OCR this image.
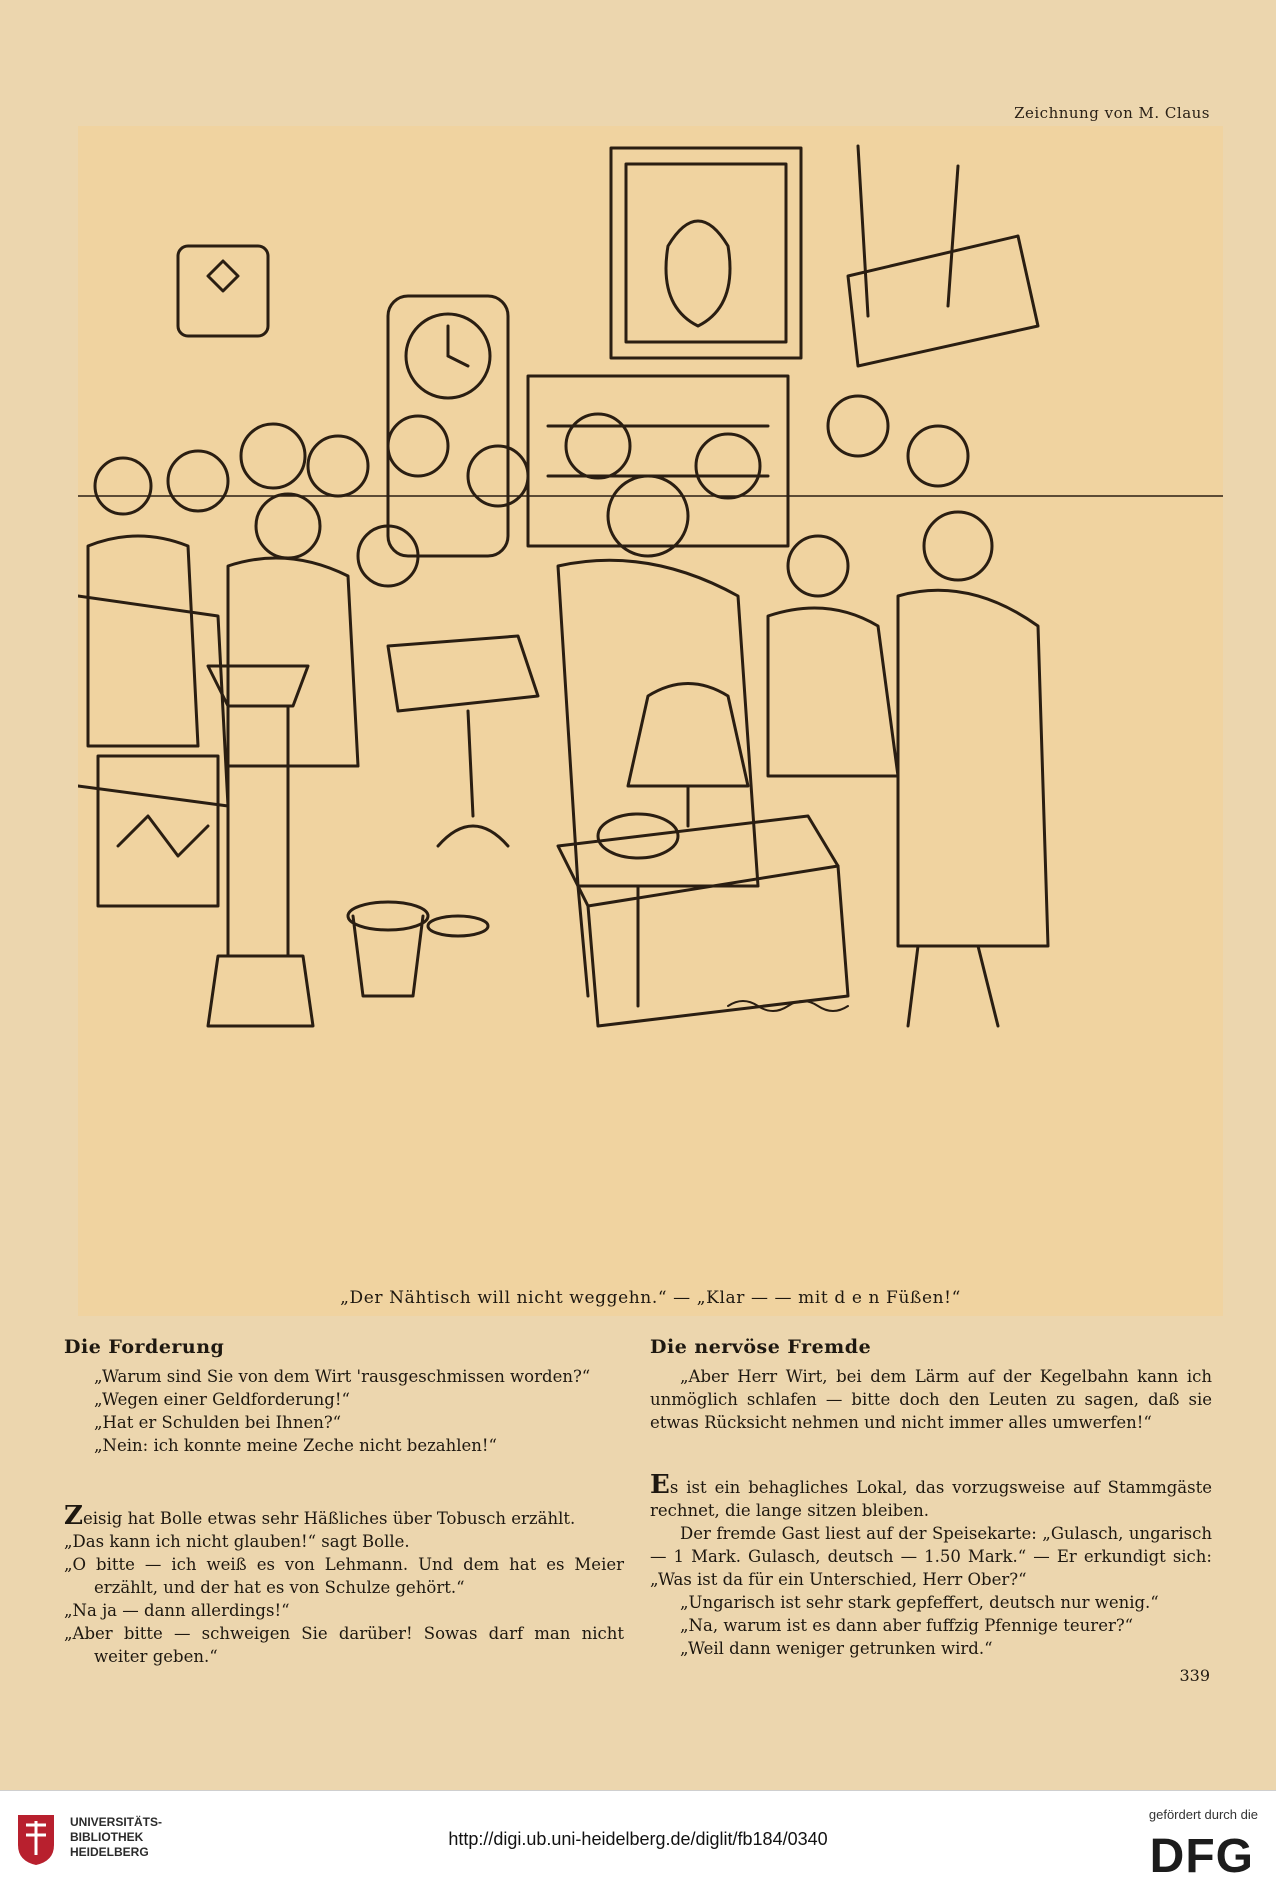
Zeichnung von M. Claus
„Der Nähtisch will nicht weggehn.“ — „Klar — — mit d e n Füßen!“
Die Forderung

„Warum sind Sie von dem Wirt 'rausgeschmissen worden?“

„Wegen einer Geldforderung!“

„Hat er Schulden bei Ihnen?“

„Nein: ich konnte meine Zeche nicht bezahlen!“

Zeisig hat Bolle etwas sehr Häßliches über Tobusch erzählt.

„Das kann ich nicht glauben!“ sagt Bolle.

„O bitte — ich weiß es von Lehmann. Und dem hat es Meier erzählt, und der hat es von Schulze gehört.“

„Na ja — dann allerdings!“

„Aber bitte — schweigen Sie darüber! Sowas darf man nicht weiter geben.“

Die nervöse Fremde

„Aber Herr Wirt, bei dem Lärm auf der Kegelbahn kann ich unmöglich schlafen — bitte doch den Leuten zu sagen, daß sie etwas Rücksicht nehmen und nicht immer alles umwerfen!“

Es ist ein behagliches Lokal, das vorzugsweise auf Stammgäste rechnet, die lange sitzen bleiben.

Der fremde Gast liest auf der Speisekarte: „Gulasch, ungarisch — 1 Mark. Gulasch, deutsch — 1.50 Mark.“ — Er erkundigt sich: „Was ist da für ein Unterschied, Herr Ober?“

„Ungarisch ist sehr stark gepfeffert, deutsch nur wenig.“

„Na, warum ist es dann aber fuffzig Pfennige teurer?“

„Weil dann weniger getrunken wird.“

339
UNIVERSITÄTS-
BIBLIOTHEK
HEIDELBERG
http://digi.ub.uni-heidelberg.de/diglit/fb184/0340
gefördert durch die
DFG
